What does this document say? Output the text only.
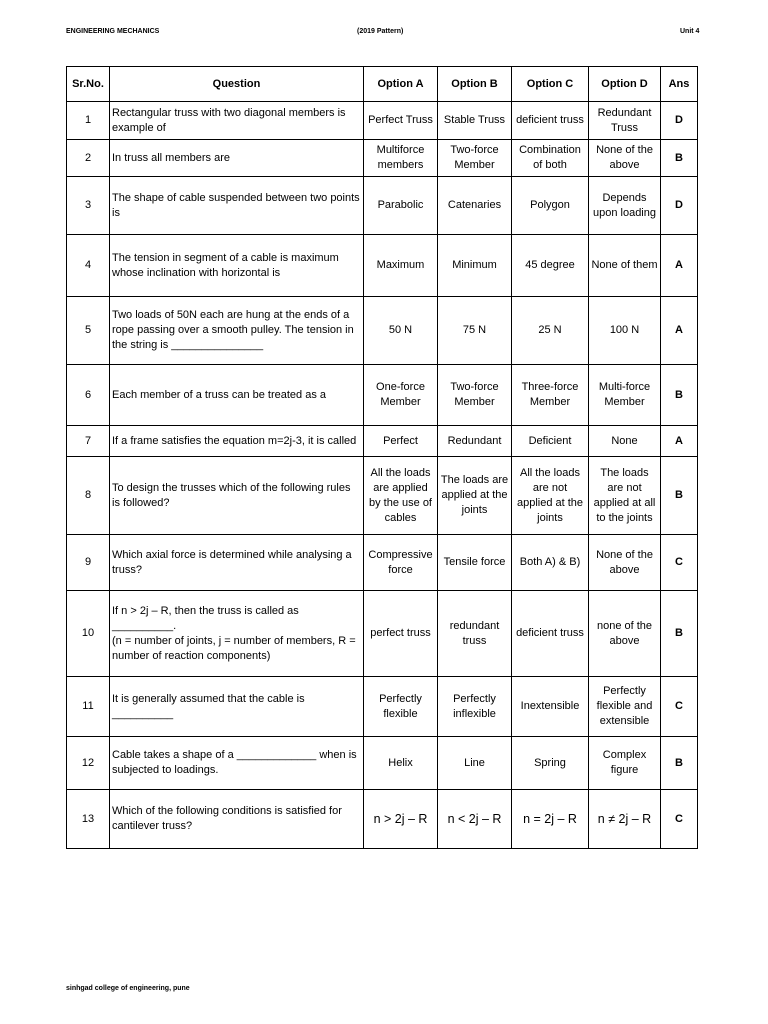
ENGINEERING MECHANICS	(2019 Pattern)	Unit 4
Sr.No.	Question	Option A	Option B	Option C	Option D	Ans
1	Rectangular truss with two diagonal members is example of	Perfect Truss	Stable Truss	deficient truss	Redundant Truss	D
2	In truss all members are	Multiforce members	Two-force Member	Combination of both	None of the above	B
3	The shape of cable suspended between two points is	Parabolic	Catenaries	Polygon	Depends upon loading	D
4	The tension in segment of a cable is maximum whose inclination with horizontal is	Maximum	Minimum	45 degree	None of them	A
5	Two loads of 50N each are hung at the ends of a rope passing over a smooth pulley. The tension in the string is _______________	50 N	75 N	25 N	100 N	A
6	Each member of a truss can be treated as a	One-force Member	Two-force Member	Three-force Member	Multi-force Member	B
7	If a frame satisfies the equation m=2j-3, it is called	Perfect	Redundant	Deficient	None	A
8	To design the trusses which of the following rules is followed?	All the loads are applied by the use of cables	The loads are applied at the joints	All the loads are not applied at the joints	The loads are not applied at all to the joints	B
9	Which axial force is determined while analysing a truss?	Compressive force	Tensile force	Both A) & B)	None of the above	C
10	If n > 2j – R, then the truss is called as __________.
(n = number of joints, j = number of members, R = number of reaction components)	perfect truss	redundant truss	deficient truss	none of the above	B
11	It is generally assumed that the cable is __________	Perfectly flexible	Perfectly inflexible	Inextensible	Perfectly flexible and extensible	C
12	Cable takes a shape of a _____________ when is subjected to loadings.	Helix	Line	Spring	Complex figure	B
13	Which of the following conditions is satisfied for cantilever truss?	n > 2j – R	n < 2j – R	n = 2j – R	n ≠ 2j – R	C
sinhgad college of engineering, pune
